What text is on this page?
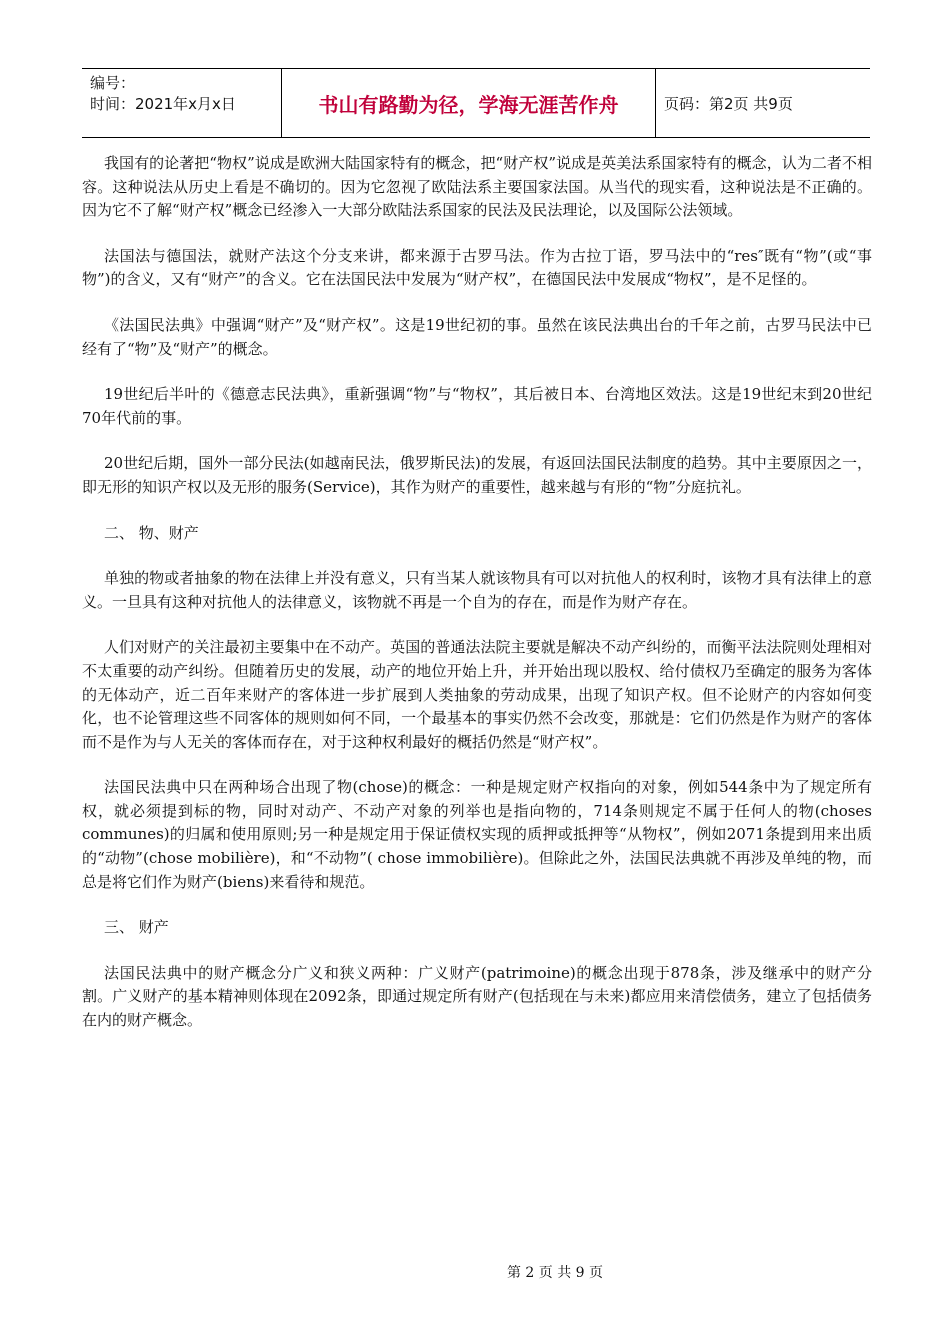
编号：
时间：2021年x月x日	书山有路勤为径，学海无涯苦作舟	页码：第2页 共9页

我国有的论著把“物权”说成是欧洲大陆国家特有的概念，把“财产权”说成是英美法系国家特有的概念，认为二者不相容。这种说法从历史上看是不确切的。因为它忽视了欧陆法系主要国家法国。从当代的现实看，这种说法是不正确的。因为它不了解“财产权”概念已经渗入一大部分欧陆法系国家的民法及民法理论，以及国际公法领域。

法国法与德国法，就财产法这个分支来讲，都来源于古罗马法。作为古拉丁语，罗马法中的“res″既有“物”(或“事物”)的含义，又有“财产”的含义。它在法国民法中发展为“财产权”，在德国民法中发展成“物权”，是不足怪的。

《法国民法典》中强调“财产”及“财产权”。这是19世纪初的事。虽然在该民法典出台的千年之前，古罗马民法中已经有了“物”及“财产”的概念。

19世纪后半叶的《德意志民法典》，重新强调“物”与“物权”，其后被日本、台湾地区效法。这是19世纪末到20世纪70年代前的事。

20世纪后期，国外一部分民法(如越南民法，俄罗斯民法)的发展，有返回法国民法制度的趋势。其中主要原因之一，即无形的知识产权以及无形的服务(Service)，其作为财产的重要性，越来越与有形的“物”分庭抗礼。

二、 物、财产

单独的物或者抽象的物在法律上并没有意义，只有当某人就该物具有可以对抗他人的权利时，该物才具有法律上的意义。一旦具有这种对抗他人的法律意义，该物就不再是一个自为的存在，而是作为财产存在。

人们对财产的关注最初主要集中在不动产。英国的普通法法院主要就是解决不动产纠纷的，而衡平法法院则处理相对不太重要的动产纠纷。但随着历史的发展，动产的地位开始上升，并开始出现以股权、给付债权乃至确定的服务为客体的无体动产，近二百年来财产的客体进一步扩展到人类抽象的劳动成果，出现了知识产权。但不论财产的内容如何变化，也不论管理这些不同客体的规则如何不同，一个最基本的事实仍然不会改变，那就是：它们仍然是作为财产的客体而不是作为与人无关的客体而存在，对于这种权利最好的概括仍然是“财产权”。

法国民法典中只在两种场合出现了物(chose)的概念：一种是规定财产权指向的对象，例如544条中为了规定所有权，就必须提到标的物，同时对动产、不动产对象的列举也是指向物的，714条则规定不属于任何人的物(choses communes)的归属和使用原则;另一种是规定用于保证债权实现的质押或抵押等“从物权”，例如2071条提到用来出质的“动物”(chose mobilière)，和“不动物”( chose immobilière)。但除此之外，法国民法典就不再涉及单纯的物，而总是将它们作为财产(biens)来看待和规范。

三、 财产

法国民法典中的财产概念分广义和狭义两种：广义财产(patrimoine)的概念出现于878条，涉及继承中的财产分割。广义财产的基本精神则体现在2092条，即通过规定所有财产(包括现在与未来)都应用来清偿债务，建立了包括债务在内的财产概念。

第 2 页 共 9 页
